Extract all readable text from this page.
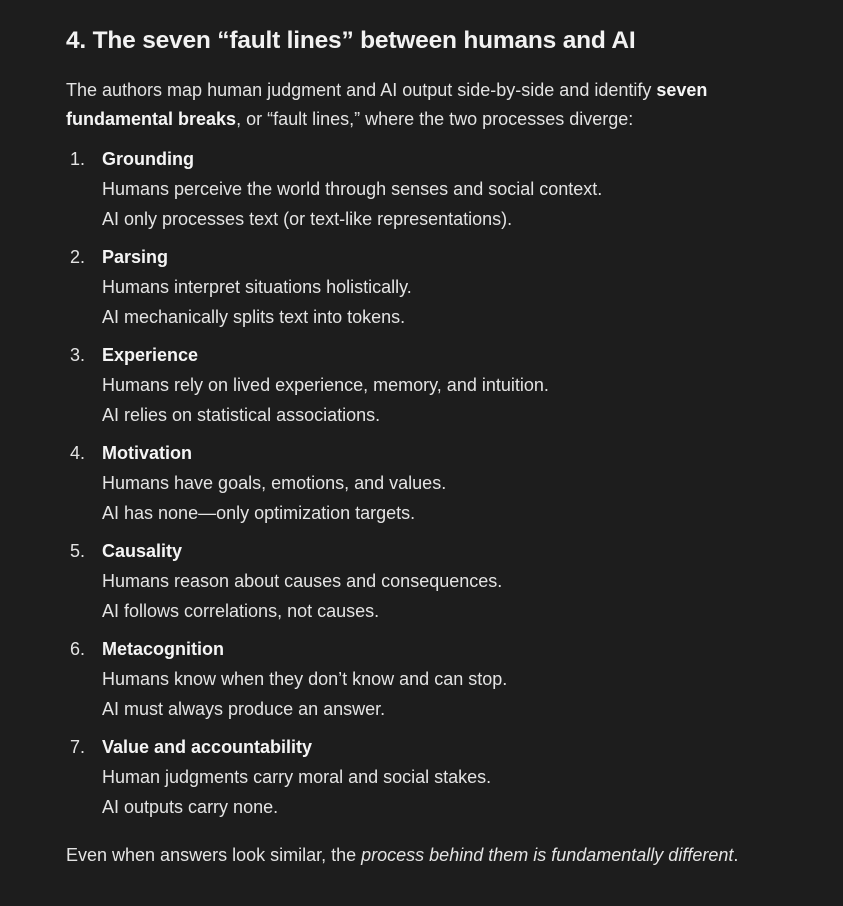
4. The seven “fault lines” between humans and AI

The authors map human judgment and AI output side-by-side and identify seven fundamental breaks, or “fault lines,” where the two processes diverge:

1. Grounding
Humans perceive the world through senses and social context.
AI only processes text (or text-like representations).
2. Parsing
Humans interpret situations holistically.
AI mechanically splits text into tokens.
3. Experience
Humans rely on lived experience, memory, and intuition.
AI relies on statistical associations.
4. Motivation
Humans have goals, emotions, and values.
AI has none—only optimization targets.
5. Causality
Humans reason about causes and consequences.
AI follows correlations, not causes.
6. Metacognition
Humans know when they don’t know and can stop.
AI must always produce an answer.
7. Value and accountability
Human judgments carry moral and social stakes.
AI outputs carry none.

Even when answers look similar, the process behind them is fundamentally different.
